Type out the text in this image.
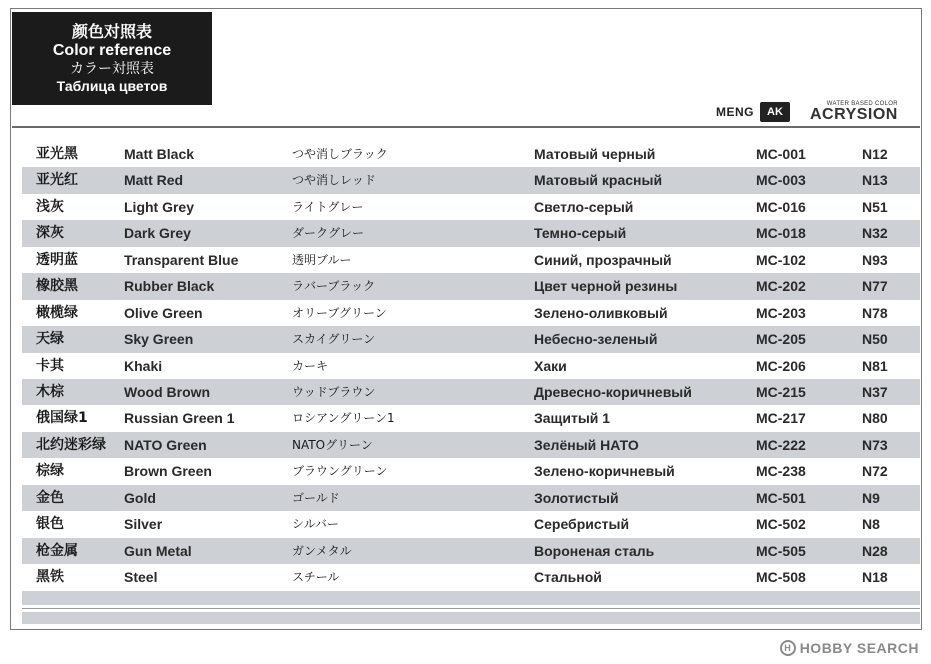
颜色对照表
Color reference
カラー対照表
Таблица цветов
MENG	AK
WATER BASED COLOR
ACRYSION
亚光黑	Matt Black	つや消しブラック	Матовый черный	MC-001	N12
亚光红	Matt Red	つや消しレッド	Матовый красный	MC-003	N13
浅灰	Light Grey	ライトグレー	Светло-серый	MC-016	N51
深灰	Dark Grey	ダークグレー	Темно-серый	MC-018	N32
透明蓝	Transparent Blue	透明ブルー	Синий, прозрачный	MC-102	N93
橡胶黑	Rubber Black	ラバーブラック	Цвет черной резины	MC-202	N77
橄榄绿	Olive Green	オリーブグリーン	Зелено-оливковый	MC-203	N78
天绿	Sky Green	スカイグリーン	Небесно-зеленый	MC-205	N50
卡其	Khaki	カーキ	Хаки	MC-206	N81
木棕	Wood Brown	ウッドブラウン	Древесно-коричневый	MC-215	N37
俄国绿1	Russian Green 1	ロシアングリーン1	Защитый 1	MC-217	N80
北约迷彩绿 NATO Green	NATOグリーン	Зелёный НАТО	MC-222	N73
棕绿	Brown Green	ブラウングリーン	Зелено-коричневый	MC-238	N72
金色	Gold	ゴールド	Золотистый	MC-501	N9
银色	Silver	シルバー	Серебристый	MC-502	N8
枪金属	Gun Metal	ガンメタル	Вороненая сталь	MC-505	N28
黑铁	Steel	スチール	Стальной	MC-508	N18
H HOBBY SEARCH
